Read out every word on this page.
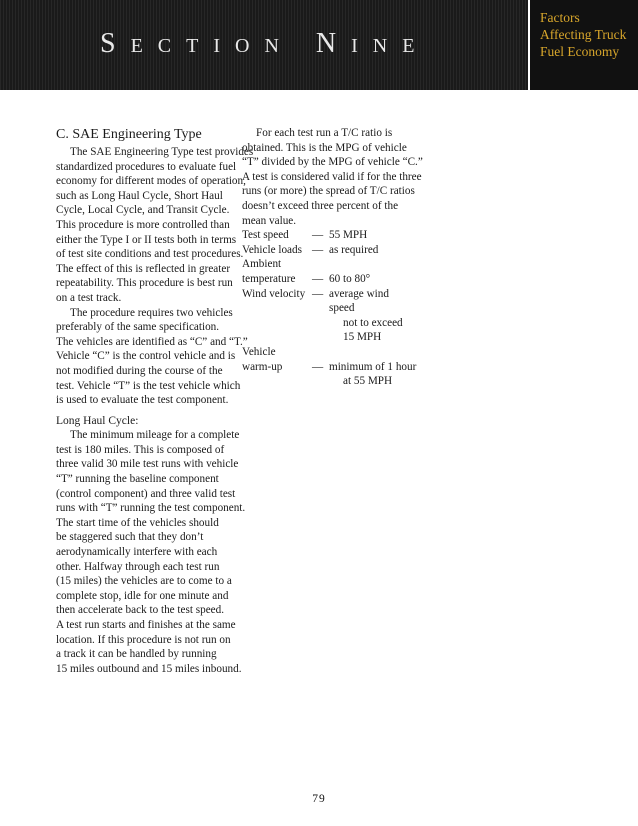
Section Nine
Factors
Affecting Truck
Fuel Economy
C. SAE Engineering Type

The SAE Engineering Type test provides
standardized procedures to evaluate fuel
economy for different modes of operation,
such as Long Haul Cycle, Short Haul
Cycle, Local Cycle, and Transit Cycle.
This procedure is more controlled than
either the Type I or II tests both in terms
of test site conditions and test procedures.
The effect of this is reflected in greater
repeatability. This procedure is best run
on a test track.

The procedure requires two vehicles
preferably of the same specification.
The vehicles are identified as “C” and “T.”
Vehicle “C” is the control vehicle and is
not modified during the course of the
test. Vehicle “T” is the test vehicle which
is used to evaluate the test component.

Long Haul Cycle:

The minimum mileage for a complete
test is 180 miles. This is composed of
three valid 30 mile test runs with vehicle
“T” running the baseline component
(control component) and three valid test
runs with “T” running the test component.
The start time of the vehicles should
be staggered such that they don’t
aerodynamically interfere with each
other. Halfway through each test run
(15 miles) the vehicles are to come to a
complete stop, idle for one minute and
then accelerate back to the test speed.
A test run starts and finishes at the same
location. If this procedure is not run on
a track it can be handled by running
15 miles outbound and 15 miles inbound.

For each test run a T/C ratio is
obtained. This is the MPG of vehicle
“T” divided by the MPG of vehicle “C.”
A test is considered valid if for the three
runs (or more) the spread of T/C ratios
doesn’t exceed three percent of the
mean value.

Test speed	— 55 MPH
Vehicle loads — as required
Ambient

temperature	— 60 to 80°
Wind velocity — average wind speed
not to exceed
15 MPH
Vehicle

warm-up	— minimum of 1 hour
at 55 MPH
79
